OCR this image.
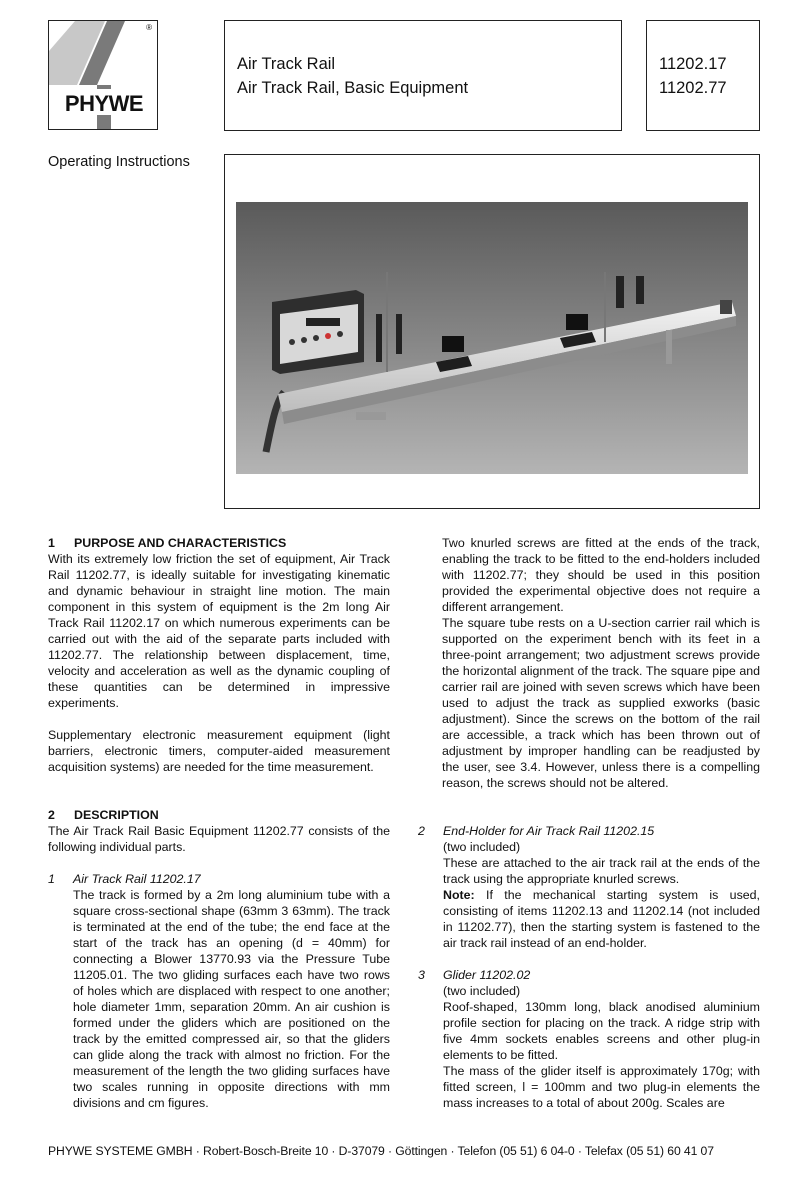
PHYWE
®
Air Track Rail
Air Track Rail, Basic Equipment
11202.17
11202.77
Operating Instructions
1 PURPOSE AND CHARACTERISTICS

With its extremely low friction the set of equipment, Air Track Rail 11202.77, is ideally suitable for investigating kinematic and dynamic behaviour in straight line motion. The main component in this system of equipment is the 2m long Air Track Rail 11202.17 on which numerous experiments can be carried out with the aid of the separate parts included with 11202.77. The relationship between displacement, time, velocity and acceleration as well as the dynamic coupling of these quantities can be determined in impressive experiments.

Supplementary electronic measurement equipment (light barriers, electronic timers, computer-aided measurement acquisition systems) are needed for the time measurement.

2 DESCRIPTION

The Air Track Rail Basic Equipment 11202.77 consists of the following individual parts.

1 Air Track Rail 11202.17

The track is formed by a 2m long aluminium tube with a square cross-sectional shape (63mm 3 63mm). The track is terminated at the end of the tube; the end face at the start of the track has an opening (d = 40mm) for connecting a Blower 13770.93 via the Pressure Tube 11205.01. The two gliding surfaces each have two rows of holes which are displaced with respect to one another; hole diameter 1mm, separation 20mm. An air cushion is formed under the gliders which are positioned on the track by the emitted compressed air, so that the gliders can glide along the track with almost no friction. For the measurement of the length the two gliding surfaces have two scales running in opposite directions with mm divisions and cm figures.

Two knurled screws are fitted at the ends of the track, enabling the track to be fitted to the end-holders included with 11202.77; they should be used in this position provided the experimental objective does not require a different arrangement.

The square tube rests on a U-section carrier rail which is supported on the experiment bench with its feet in a three-point arrangement; two adjustment screws provide the horizontal alignment of the track. The square pipe and carrier rail are joined with seven screws which have been used to adjust the track as supplied exworks (basic adjustment). Since the screws on the bottom of the rail are accessible, a track which has been thrown out of adjustment by improper handling can be readjusted by the user, see 3.4. However, unless there is a compelling reason, the screws should not be altered.

2 End-Holder for Air Track Rail 11202.15
(two included)

These are attached to the air track rail at the ends of the track using the appropriate knurled screws.

Note: If the mechanical starting system is used, consisting of items 11202.13 and 11202.14 (not included in 11202.77), then the starting system is fastened to the air track rail instead of an end-holder.

3 Glider 11202.02
(two included)

Roof-shaped, 130mm long, black anodised aluminium profile section for placing on the track. A ridge strip with five 4mm sockets enables screens and other plug-in elements to be fitted.

The mass of the glider itself is approximately 170g; with fitted screen, l = 100mm and two plug-in elements the mass increases to a total of about 200g. Scales are

PHYWE SYSTEME GMBH · Robert-Bosch-Breite 10 · D-37079 · Göttingen · Telefon (05 51) 6 04-0 · Telefax (05 51) 60 41 07
